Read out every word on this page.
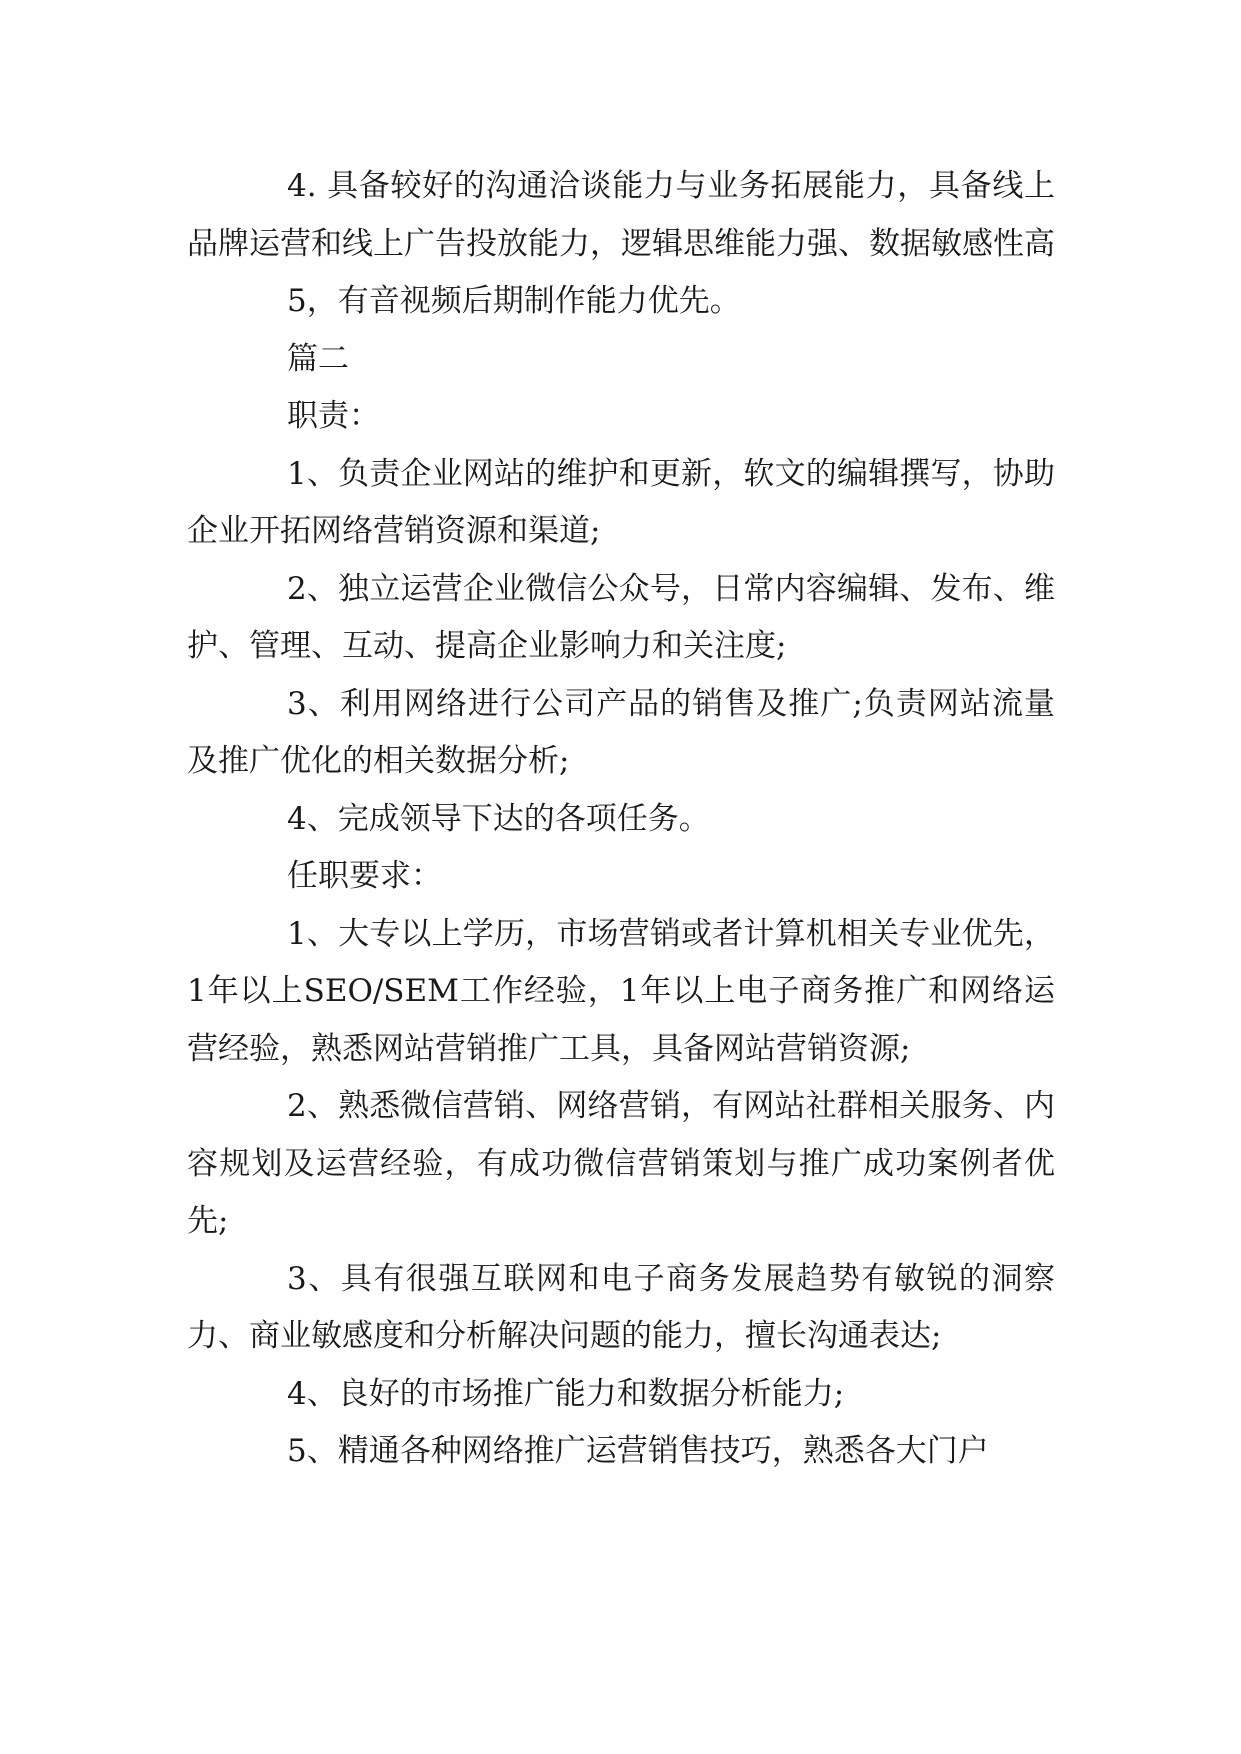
4. 具备较好的沟通洽谈能力与业务拓展能力，具备线上品牌运营和线上广告投放能力，逻辑思维能力强、数据敏感性高

5，有音视频后期制作能力优先。

篇二

职责：

1、负责企业网站的维护和更新，软文的编辑撰写，协助企业开拓网络营销资源和渠道;

2、独立运营企业微信公众号，日常内容编辑、发布、维护、管理、互动、提高企业影响力和关注度;

3、利用网络进行公司产品的销售及推广;负责网站流量及推广优化的相关数据分析;

4、完成领导下达的各项任务。

任职要求：

1、大专以上学历，市场营销或者计算机相关专业优先，1年以上SEO/SEM工作经验，1年以上电子商务推广和网络运营经验，熟悉网站营销推广工具，具备网站营销资源;

2、熟悉微信营销、网络营销，有网站社群相关服务、内容规划及运营经验，有成功微信营销策划与推广成功案例者优先;

3、具有很强互联网和电子商务发展趋势有敏锐的洞察力、商业敏感度和分析解决问题的能力，擅长沟通表达;

4、良好的市场推广能力和数据分析能力;

5、精通各种网络推广运营销售技巧，熟悉各大门户
